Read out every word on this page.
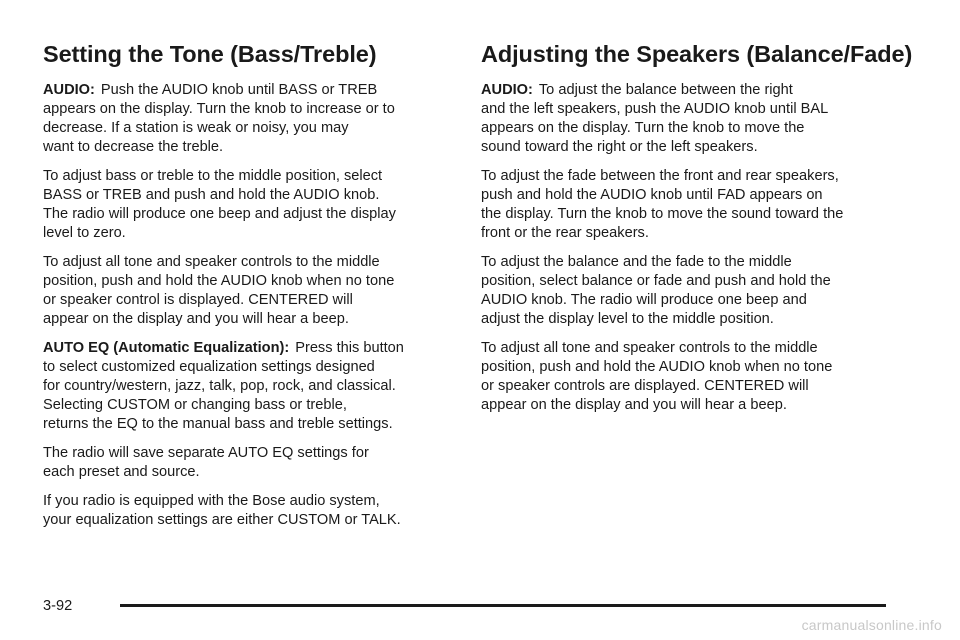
Setting the Tone (Bass/Treble)

AUDIO: Push the AUDIO knob until BASS or TREB
appears on the display. Turn the knob to increase or to
decrease. If a station is weak or noisy, you may
want to decrease the treble.

To adjust bass or treble to the middle position, select
BASS or TREB and push and hold the AUDIO knob.
The radio will produce one beep and adjust the display
level to zero.

To adjust all tone and speaker controls to the middle
position, push and hold the AUDIO knob when no tone
or speaker control is displayed. CENTERED will
appear on the display and you will hear a beep.

AUTO EQ (Automatic Equalization): Press this button
to select customized equalization settings designed
for country/western, jazz, talk, pop, rock, and classical.
Selecting CUSTOM or changing bass or treble,
returns the EQ to the manual bass and treble settings.

The radio will save separate AUTO EQ settings for
each preset and source.

If you radio is equipped with the Bose audio system,
your equalization settings are either CUSTOM or TALK.

Adjusting the Speakers (Balance/Fade)

AUDIO: To adjust the balance between the right
and the left speakers, push the AUDIO knob until BAL
appears on the display. Turn the knob to move the
sound toward the right or the left speakers.

To adjust the fade between the front and rear speakers,
push and hold the AUDIO knob until FAD appears on
the display. Turn the knob to move the sound toward the
front or the rear speakers.

To adjust the balance and the fade to the middle
position, select balance or fade and push and hold the
AUDIO knob. The radio will produce one beep and
adjust the display level to the middle position.

To adjust all tone and speaker controls to the middle
position, push and hold the AUDIO knob when no tone
or speaker controls are displayed. CENTERED will
appear on the display and you will hear a beep.

3-92
carmanualsonline.info
